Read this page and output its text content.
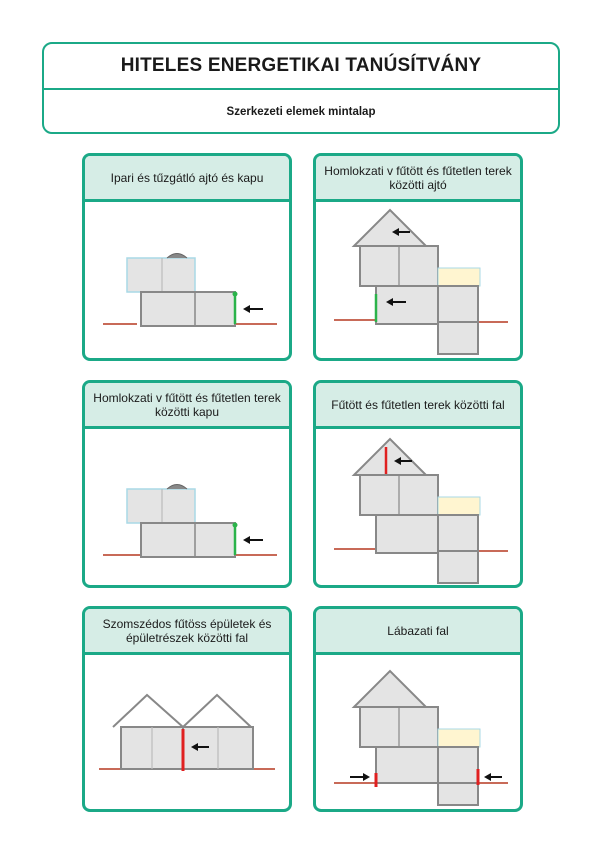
HITELES ENERGETIKAI TANÚSÍTVÁNY
Szerkezeti elemek mintalap
Ipari és tűzgátló ajtó és kapu	Homlokzati v fűtött és fűtetlen terek közötti ajtó
Homlokzati v fűtött és fűtetlen terek közötti kapu	Fűtött és fűtetlen terek közötti fal
Szomszédos fűtöss épületek és épületrészek közötti fal	Lábazati fal
